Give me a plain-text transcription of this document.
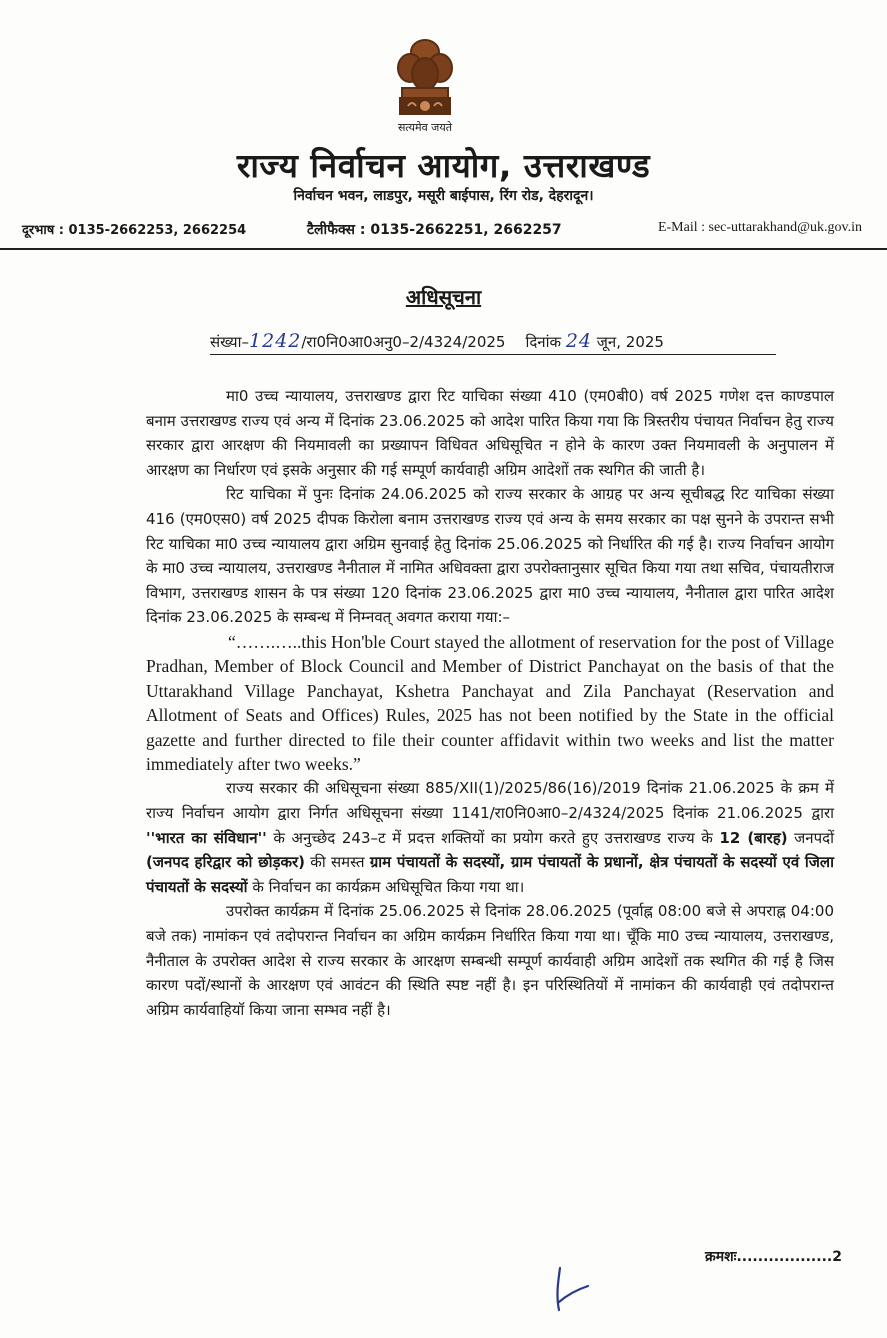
सत्यमेव जयते
राज्य निर्वाचन आयोग, उत्तराखण्ड
निर्वाचन भवन, लाडपुर, मसूरी बाईपास, रिंग रोड, देहरादून।
दूरभाष : 0135-2662253, 2662254	टैलीफैक्स : 0135-2662251, 2662257	E-Mail : sec-uttarakhand@uk.gov.in
अधिसूचना
संख्या–1242/रा0नि0आ0अनु0–2/4324/2025 दिनांक 24 जून, 2025

मा0 उच्च न्यायालय, उत्तराखण्ड द्वारा रिट याचिका संख्या 410 (एम0बी0) वर्ष 2025 गणेश दत्त काण्डपाल बनाम उत्तराखण्ड राज्य एवं अन्य में दिनांक 23.06.2025 को आदेश पारित किया गया कि त्रिस्तरीय पंचायत निर्वाचन हेतु राज्य सरकार द्वारा आरक्षण की नियमावली का प्रख्यापन विधिवत अधिसूचित न होने के कारण उक्त नियमावली के अनुपालन में आरक्षण का निर्धारण एवं इसके अनुसार की गई सम्पूर्ण कार्यवाही अग्रिम आदेशों तक स्थगित की जाती है।

रिट याचिका में पुनः दिनांक 24.06.2025 को राज्य सरकार के आग्रह पर अन्य सूचीबद्ध रिट याचिका संख्या 416 (एम0एस0) वर्ष 2025 दीपक किरोला बनाम उत्तराखण्ड राज्य एवं अन्य के समय सरकार का पक्ष सुनने के उपरान्त सभी रिट याचिका मा0 उच्च न्यायालय द्वारा अग्रिम सुनवाई हेतु दिनांक 25.06.2025 को निर्धारित की गई है। राज्य निर्वाचन आयोग के मा0 उच्च न्यायालय, उत्तराखण्ड नैनीताल में नामित अधिवक्ता द्वारा उपरोक्तानुसार सूचित किया गया तथा सचिव, पंचायतीराज विभाग, उत्तराखण्ड शासन के पत्र संख्या 120 दिनांक 23.06.2025 द्वारा मा0 उच्च न्यायालय, नैनीताल द्वारा पारित आदेश दिनांक 23.06.2025 के सम्बन्ध में निम्नवत् अवगत कराया गया:–

“…….…..this Hon'ble Court stayed the allotment of reservation for the post of Village Pradhan, Member of Block Council and Member of District Panchayat on the basis of that the Uttarakhand Village Panchayat, Kshetra Panchayat and Zila Panchayat (Reservation and Allotment of Seats and Offices) Rules, 2025 has not been notified by the State in the official gazette and further directed to file their counter affidavit within two weeks and list the matter immediately after two weeks.”

राज्य सरकार की अधिसूचना संख्या 885/XII(1)/2025/86(16)/2019 दिनांक 21.06.2025 के क्रम में राज्य निर्वाचन आयोग द्वारा निर्गत अधिसूचना संख्या 1141/रा0नि0आ0–2/4324/2025 दिनांक 21.06.2025 द्वारा ''भारत का संविधान'' के अनुच्छेद 243–ट में प्रदत्त शक्तियों का प्रयोग करते हुए उत्तराखण्ड राज्य के 12 (बारह) जनपदों (जनपद हरिद्वार को छोड़कर) की समस्त ग्राम पंचायतों के सदस्यों, ग्राम पंचायतों के प्रधानों, क्षेत्र पंचायतों के सदस्यों एवं जिला पंचायतों के सदस्यों के निर्वाचन का कार्यक्रम अधिसूचित किया गया था।

उपरोक्त कार्यक्रम में दिनांक 25.06.2025 से दिनांक 28.06.2025 (पूर्वाह्न 08:00 बजे से अपराह्न 04:00 बजे तक) नामांकन एवं तदोपरान्त निर्वाचन का अग्रिम कार्यक्रम निर्धारित किया गया था। चूँकि मा0 उच्च न्यायालय, उत्तराखण्ड, नैनीताल के उपरोक्त आदेश से राज्य सरकार के आरक्षण सम्बन्धी सम्पूर्ण कार्यवाही अग्रिम आदेशों तक स्थगित की गई है जिस कारण पदों/स्थानों के आरक्षण एवं आवंटन की स्थिति स्पष्ट नहीं है। इन परिस्थितियों में नामांकन की कार्यवाही एवं तदोपरान्त अग्रिम कार्यवाहियॉ किया जाना सम्भव नहीं है।

क्रमशः..................2
